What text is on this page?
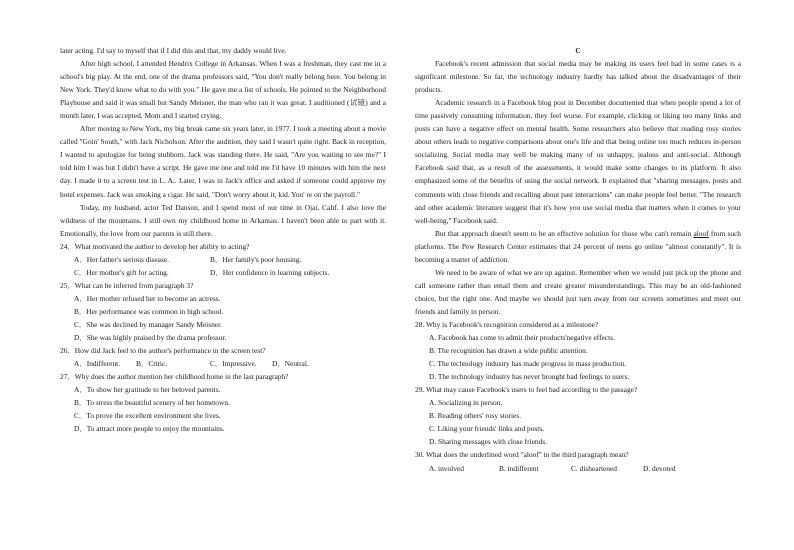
later acting. I'd say to myself that if I did this and that, my daddy would live.

After high school, I attended Hendrix College in Arkansas. When I was a freshman, they cast me in a school's big play. At the end, one of the drama professors said, "You don't really belong here. You belong in New York. They'd know what to do with you." He gave me a list of schools. He pointed to the Neighborhood Playhouse and said it was small but Sandy Meisner, the man who ran it was great. I auditioned (试镜) and a month later, I was accepted. Mom and I started crying.

After moving to New York, my big break came six years later, in 1977. I took a meeting about a movie called "Goin' South," with Jack Nicholson. After the audition, they said I wasn't quite right. Back in reception, I wanted to apologize for being stubborn. Jack was standing there. He said, "Are you waiting to see me?" I told him I was but I didn't have a script. He gave me one and told me I'd have 10 minutes with him the next day. I made it to a screen test in L. A.. Later, I was in Jack's office and asked if someone could approve my hotel expenses. Jack was smoking a cigar. He said, "Don't worry about it, kid. You' re on the payroll."

Today, my husband, actor Ted Danson, and I spend most of our time in Ojai, Calif. I also love the wildness of the mountains. I still own my childhood home in Arkansas. I haven't been able to part with it. Emotionally, the love from our parents is still there.

24．What motivated the author to develop her ability to acting?

A．Her father's serious disease.	B．Her family's poor housing.
C．Her mother's gift for acting.	D．Her confidence in learning subjects.

25．What can be inferred from paragraph 3?

A．Her mother refused her to become an actress.

B．Her performance was common in high school.

C．She was declined by manager Sandy Meisner.

D．She was highly praised by the drama professor.

26．How did Jack feel to the author's performance in the screen test?

A．Indifferent.	B．Critic.	C．Impressive.	D．Neutral.

27．Why does the author mention her childhood home in the last paragraph?

A．To show her gratitude to her beloved parents.

B．To stress the beautiful scenery of her hometown.

C．To prove the excellent environment she lives.

D．To attract more people to enjoy the mountains.

C

Facebook's recent admission that social media may be making its users feel bad in some cases is a significant milestone. So far, the technology industry hardly has talked about the disadvantages of their products.

Academic research in a Facebook blog post in December documented that when people spend a lot of time passively consuming information, they feel worse. For example, clicking or liking too many links and posts can have a negative effect on mental health. Some researchers also believe that reading rosy stories about others leads to negative comparisons about one's life and that being online too much reduces in-person socializing. Social media may well be making many of us unhappy, jealous and anti-social. Although Facebook said that, as a result of the assessments, it would make some changes to its platform. It also emphasized some of the benefits of using the social network. It explained that "sharing messages, posts and comments with close friends and recalling about past interactions" can make people feel better. "The research and other academic literature suggest that it's how you use social media that matters when it comes to your well-being," Facebook said.

But that approach doesn't seem to be an effective solution for those who can't remain aloof from such platforms. The Pew Research Center estimates that 24 percent of teens go online "almost constantly". It is becoming a matter of addiction.

We need to be aware of what we are up against. Remember when we would just pick up the phone and call someone rather than email them and create greater misunderstandings. This may be an old-fashioned choice, but the right one. And maybe we should just turn away from our screens sometimes and meet our friends and family in person.

28. Why is Facebook's recognition considered as a milestone?

A. Facebook has come to admit their products'negative effects.

B. The recognition has drawn a wide public attention.

C. The technology industry has made progress in mass production.

D. The technology industry has never brought bad feelings to users.

29. What may cause Facebook's users to feel bad according to the passage?

A. Socializing in person.

B. Reading others' rosy stories.

C. Liking your friends' links and posts.

D. Sharing messages with close friends.

30. What does the underlined word "aloof" in the third paragraph mean?

A. involved	B. indifferent	C. disheartened	D. devoted
